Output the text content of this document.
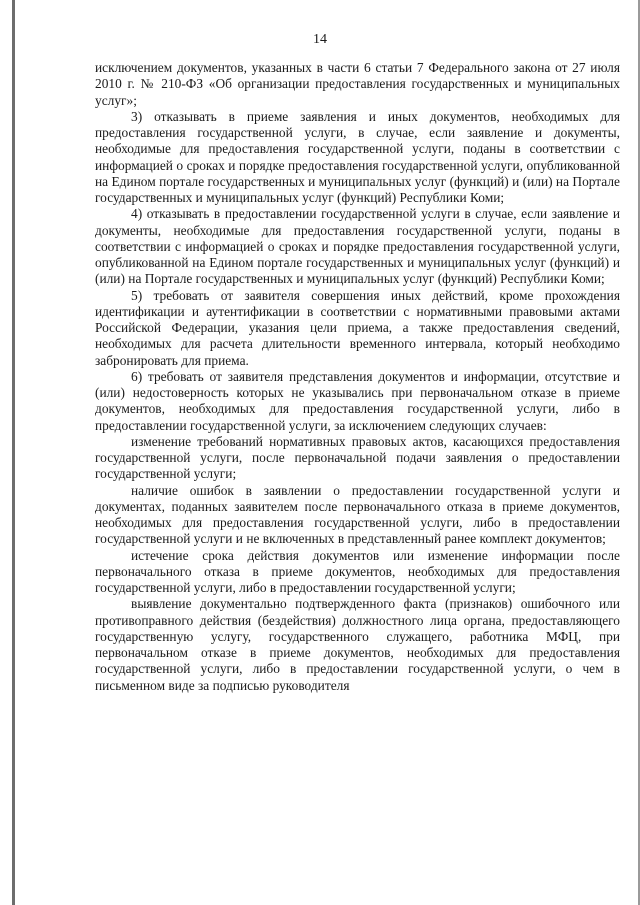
14

исключением документов, указанных в части 6 статьи 7 Федерального закона от 27 июля 2010 г. № 210-ФЗ «Об организации предоставления государственных и муниципальных услуг»;

3) отказывать в приеме заявления и иных документов, необходимых для предоставления государственной услуги, в случае, если заявление и документы, необходимые для предоставления государственной услуги, поданы в соответствии с информацией о сроках и порядке предоставления государственной услуги, опубликованной на Едином портале государственных и муниципальных услуг (функций) и (или) на Портале государственных и муниципальных услуг (функций) Республики Коми;

4) отказывать в предоставлении государственной услуги в случае, если заявление и документы, необходимые для предоставления государственной услуги, поданы в соответствии с информацией о сроках и порядке предоставления государственной услуги, опубликованной на Едином портале государственных и муниципальных услуг (функций) и (или) на Портале государственных и муниципальных услуг (функций) Республики Коми;

5) требовать от заявителя совершения иных действий, кроме прохождения идентификации и аутентификации в соответствии с нормативными правовыми актами Российской Федерации, указания цели приема, а также предоставления сведений, необходимых для расчета длительности временного интервала, который необходимо забронировать для приема.

6) требовать от заявителя представления документов и информации, отсутствие и (или) недостоверность которых не указывались при первоначальном отказе в приеме документов, необходимых для предоставления государственной услуги, либо в предоставлении государственной услуги, за исключением следующих случаев:

изменение требований нормативных правовых актов, касающихся предоставления государственной услуги, после первоначальной подачи заявления о предоставлении государственной услуги;

наличие ошибок в заявлении о предоставлении государственной услуги и документах, поданных заявителем после первоначального отказа в приеме документов, необходимых для предоставления государственной услуги, либо в предоставлении государственной услуги и не включенных в представленный ранее комплект документов;

истечение срока действия документов или изменение информации после первоначального отказа в приеме документов, необходимых для предоставления государственной услуги, либо в предоставлении государственной услуги;

выявление документально подтвержденного факта (признаков) ошибочного или противоправного действия (бездействия) должностного лица органа, предоставляющего государственную услугу, государственного служащего, работника МФЦ, при первоначальном отказе в приеме документов, необходимых для предоставления государственной услуги, либо в предоставлении государственной услуги, о чем в письменном виде за подписью руководителя
